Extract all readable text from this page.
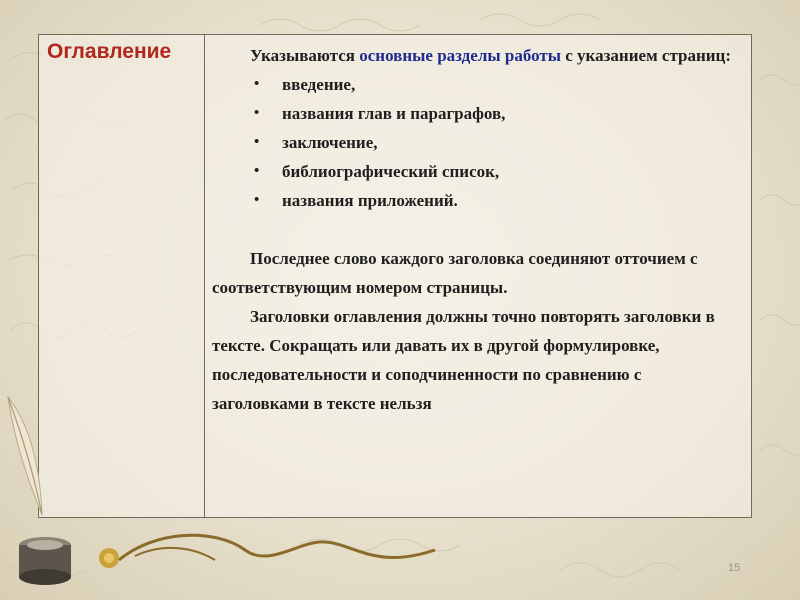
Оглавление	Указываются основные разделы работы с указанием страниц:

• введение,
• названия глав и параграфов,
• заключение,
• библиографический список,
• названия приложений.

Последнее слово каждого заголовка соединяют отточием с соответствующим номером страницы.

Заголовки оглавления должны точно повторять заголовки в тексте. Сокращать или давать их в другой формулировке, последовательности и соподчиненности по сравнению с заголовками в тексте нельзя

15
